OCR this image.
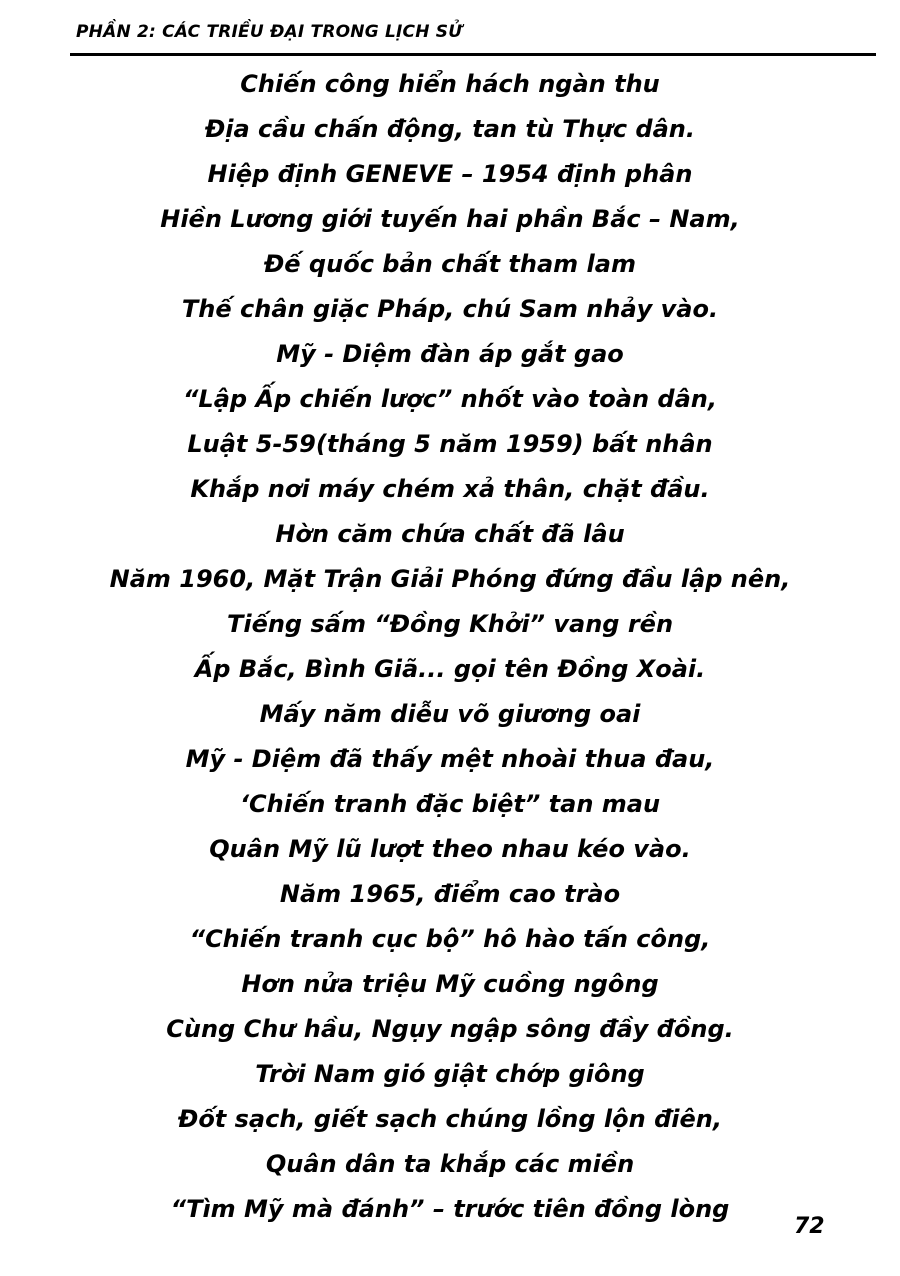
PHẦN 2: CÁC TRIỀU ĐẠI TRONG LỊCH SỬ
Chiến công hiển hách ngàn thu
Địa cầu chấn động, tan tù Thực dân.
Hiệp định GENEVE – 1954 định phân
Hiền Lương giới tuyến hai phần Bắc – Nam,
Đế quốc bản chất tham lam
Thế chân giặc Pháp, chú Sam nhảy vào.
Mỹ - Diệm đàn áp gắt gao
“Lập Ấp chiến lược” nhốt vào toàn dân,
Luật 5-59(tháng 5 năm 1959) bất nhân
Khắp nơi máy chém xả thân, chặt đầu.
Hờn căm chứa chất đã lâu
Năm 1960, Mặt Trận Giải Phóng đứng đầu lập nên,
Tiếng sấm “Đồng Khởi” vang rền
Ấp Bắc, Bình Giã... gọi tên Đồng Xoài.
Mấy năm diễu võ giương oai
Mỹ - Diệm đã thấy mệt nhoài thua đau,
‘Chiến tranh đặc biệt” tan mau
Quân Mỹ lũ lượt theo nhau kéo vào.
Năm 1965, điểm cao trào
“Chiến tranh cục bộ” hô hào tấn công,
Hơn nửa triệu Mỹ cuồng ngông
Cùng Chư hầu, Ngụy ngập sông đầy đồng.
Trời Nam gió giật chớp giông
Đốt sạch, giết sạch chúng lồng lộn điên,
Quân dân ta khắp các miền
“Tìm Mỹ mà đánh” – trước tiên đồng lòng
72
